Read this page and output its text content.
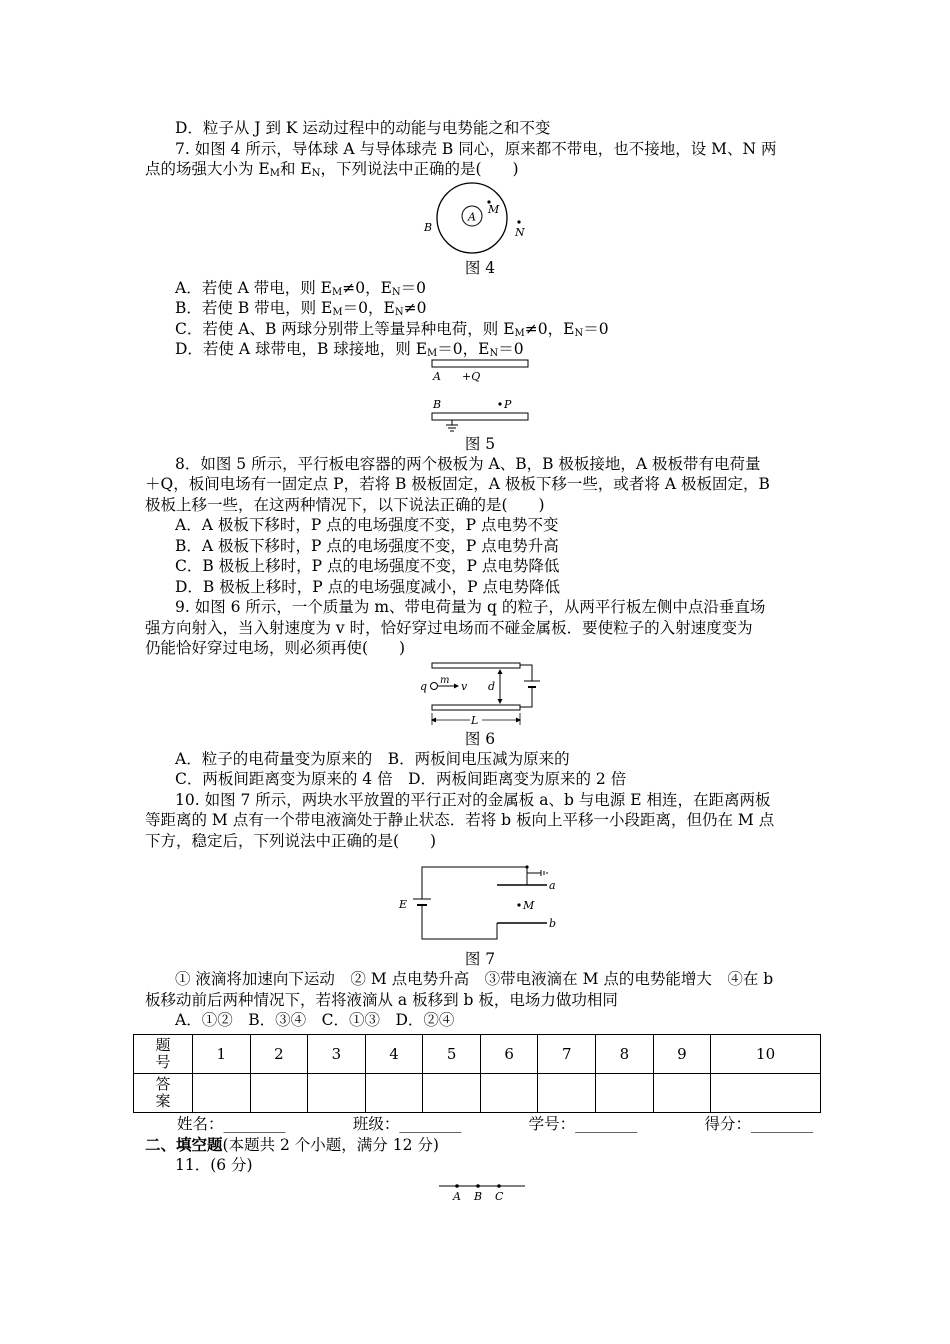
D．粒子从 J 到 K 运动过程中的动能与电势能之和不变
7. 如图 4 所示，导体球 A 与导体球壳 B 同心，原来都不带电，也不接地，设 M、N 两
点的场强大小为 $E_M$和 $E_N$，下列说法中正确的是(　　)
A
M
B	N
图 4
A．若使 A 带电，则 $E_M\ne 0$，$E_N=0$
B．若使 B 带电，则 $E_M=0$，$E_N\ne 0$
C．若使 A、B 两球分别带上等量异种电荷，则 $E_M\ne 0$，$E_N=0$
D．若使 A 球带电，B 球接地，则 $E_M=0$，$E_N=0$
A +Q
B	P
图 5
8．如图 5 所示，平行板电容器的两个极板为 A、B，B 极板接地，A 极板带有电荷量
＋Q，板间电场有一固定点 P，若将 B 极板固定，A 极板下移一些，或者将 A 极板固定，B
极板上移一些，在这两种情况下，以下说法正确的是(　　)
A．A 极板下移时，P 点的电场强度不变，P 点电势不变
B．A 极板下移时，P 点的电场强度不变，P 点电势升高
C．B 极板上移时，P 点的电场强度不变，P 点电势降低
D．B 极板上移时，P 点的电场强度减小，P 点电势降低
9. 如图 6 所示，一个质量为 m、带电荷量为 q 的粒子，从两平行板左侧中点沿垂直场
强方向射入，当入射速度为 v 时，恰好穿过电场而不碰金属板．要使粒子的入射速度变为
仍能恰好穿过电场，则必须再使(　　)
q m v d
L
图 6
A．粒子的电荷量变为原来的　B．两板间电压减为原来的
C．两板间距离变为原来的 4 倍　D．两板间距离变为原来的 2 倍
10. 如图 7 所示，两块水平放置的平行正对的金属板 a、b 与电源 E 相连，在距离两板
等距离的 M 点有一个带电液滴处于静止状态．若将 b 板向上平移一小段距离，但仍在 M 点
下方，稳定后，下列说法中正确的是(　　)
E
a
M
b
图 7
① 液滴将加速向下运动　② M 点电势升高　③带电液滴在 M 点的电势能增大　④在 b
板移动前后两种情况下，若将液滴从 a 板移到 b 板，电场力做功相同
A．①②　B．③④　C．①③　D．②④
题
号	1	2	3	4	5	6	7	8	9	10
答
案										
姓名：________	班级：________	学号：________	得分：________
二、填空题(本题共 2 个小题，满分 12 分)
11．(6 分)
A B C
